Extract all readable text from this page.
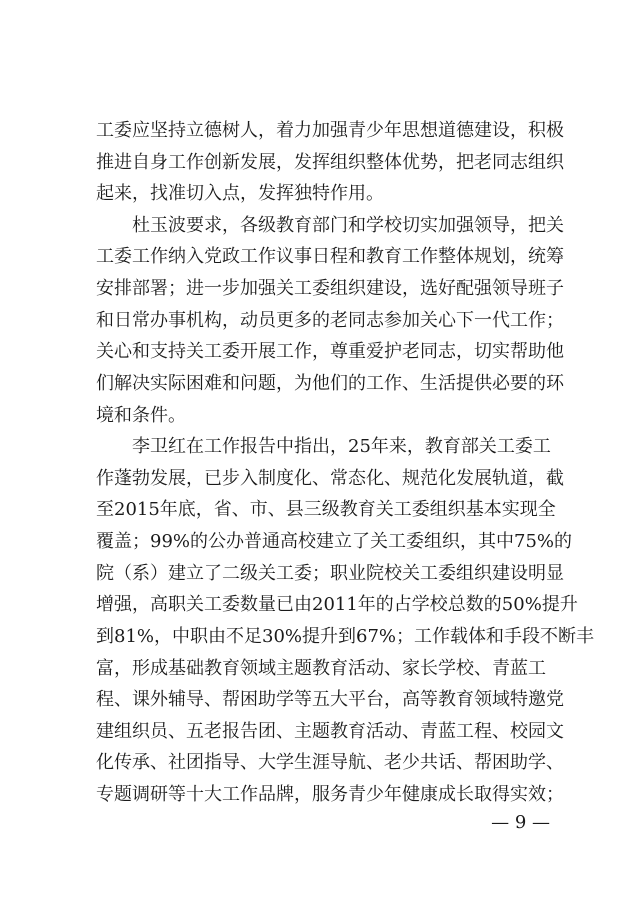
工委应坚持立德树人，着力加强青少年思想道德建设，积极

推进自身工作创新发展，发挥组织整体优势，把老同志组织

起来，找准切入点，发挥独特作用。

杜玉波要求，各级教育部门和学校切实加强领导，把关

工委工作纳入党政工作议事日程和教育工作整体规划，统筹

安排部署；进一步加强关工委组织建设，选好配强领导班子

和日常办事机构，动员更多的老同志参加关心下一代工作；

关心和支持关工委开展工作，尊重爱护老同志，切实帮助他

们解决实际困难和问题，为他们的工作、生活提供必要的环

境和条件。

李卫红在工作报告中指出，25年来，教育部关工委工

作蓬勃发展，已步入制度化、常态化、规范化发展轨道，截

至2015年底，省、市、县三级教育关工委组织基本实现全

覆盖；99%的公办普通高校建立了关工委组织，其中75%的

院（系）建立了二级关工委；职业院校关工委组织建设明显

增强，高职关工委数量已由2011年的占学校总数的50%提升

到81%，中职由不足30%提升到67%；工作载体和手段不断丰

富，形成基础教育领域主题教育活动、家长学校、青蓝工

程、课外辅导、帮困助学等五大平台，高等教育领域特邀党

建组织员、五老报告团、主题教育活动、青蓝工程、校园文

化传承、社团指导、大学生涯导航、老少共话、帮困助学、

专题调研等十大工作品牌，服务青少年健康成长取得实效；

— 9 —
